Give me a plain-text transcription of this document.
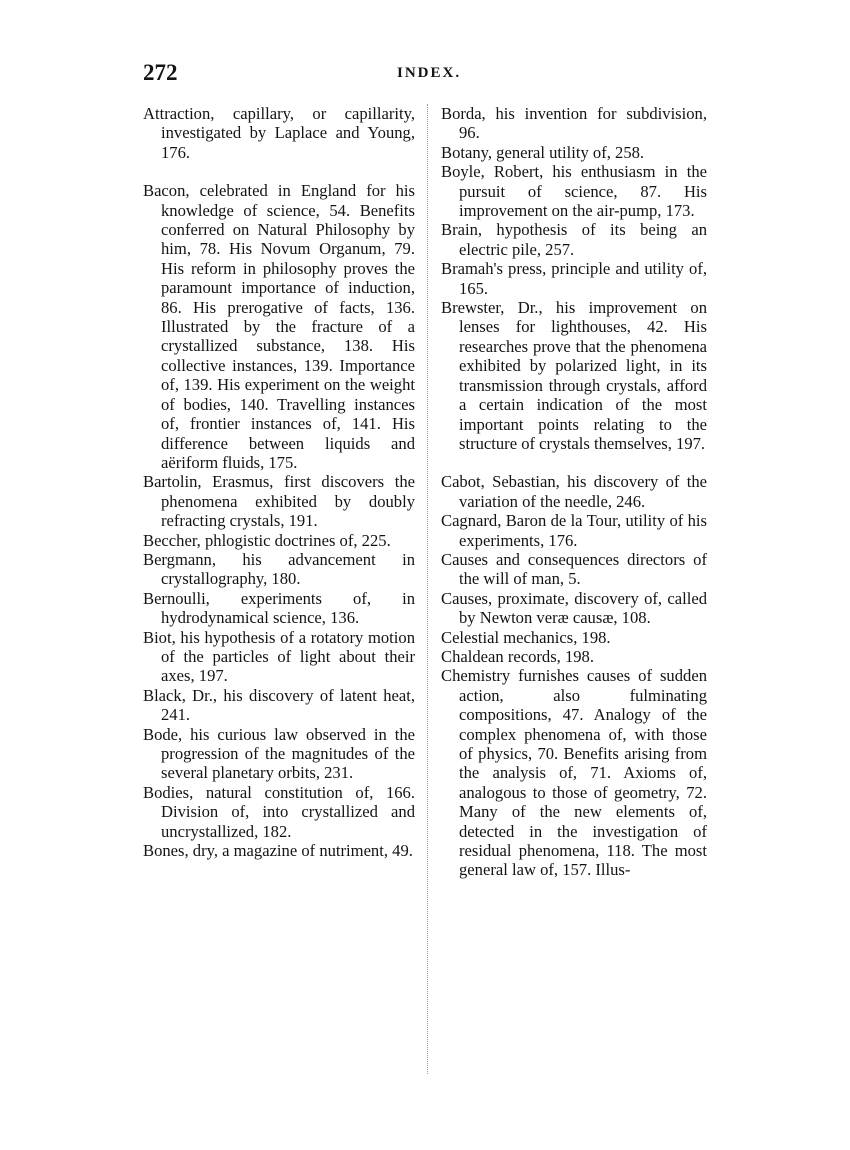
272	INDEX.

Attraction, capillary, or capillarity, investigated by Laplace and Young, 176.

Bacon, celebrated in England for his knowledge of science, 54. Benefits conferred on Natural Philosophy by him, 78. His Novum Organum, 79. His reform in philosophy proves the paramount importance of induction, 86. His prerogative of facts, 136. Illustrated by the fracture of a crystallized substance, 138. His collective instances, 139. Importance of, 139. His experiment on the weight of bodies, 140. Travelling instances of, frontier instances of, 141. His difference between liquids and aëriform fluids, 175.

Bartolin, Erasmus, first discovers the phenomena exhibited by doubly refracting crystals, 191.

Beccher, phlogistic doctrines of, 225.

Bergmann, his advancement in crystallography, 180.

Bernoulli, experiments of, in hydrodynamical science, 136.

Biot, his hypothesis of a rotatory motion of the particles of light about their axes, 197.

Black, Dr., his discovery of latent heat, 241.

Bode, his curious law observed in the progression of the magnitudes of the several planetary orbits, 231.

Bodies, natural constitution of, 166. Division of, into crystallized and uncrystallized, 182.

Bones, dry, a magazine of nutriment, 49.

Borda, his invention for subdivision, 96.

Botany, general utility of, 258.

Boyle, Robert, his enthusiasm in the pursuit of science, 87. His improvement on the air-pump, 173.

Brain, hypothesis of its being an electric pile, 257.

Bramah's press, principle and utility of, 165.

Brewster, Dr., his improvement on lenses for lighthouses, 42. His researches prove that the phenomena exhibited by polarized light, in its transmission through crystals, afford a certain indication of the most important points relating to the structure of crystals themselves, 197.

Cabot, Sebastian, his discovery of the variation of the needle, 246.

Cagnard, Baron de la Tour, utility of his experiments, 176.

Causes and consequences directors of the will of man, 5.

Causes, proximate, discovery of, called by Newton veræ causæ, 108.

Celestial mechanics, 198.

Chaldean records, 198.

Chemistry furnishes causes of sudden action, also fulminating compositions, 47. Analogy of the complex phenomena of, with those of physics, 70. Benefits arising from the analysis of, 71. Axioms of, analogous to those of geometry, 72. Many of the new elements of, detected in the investigation of residual phenomena, 118. The most general law of, 157. Illus-
